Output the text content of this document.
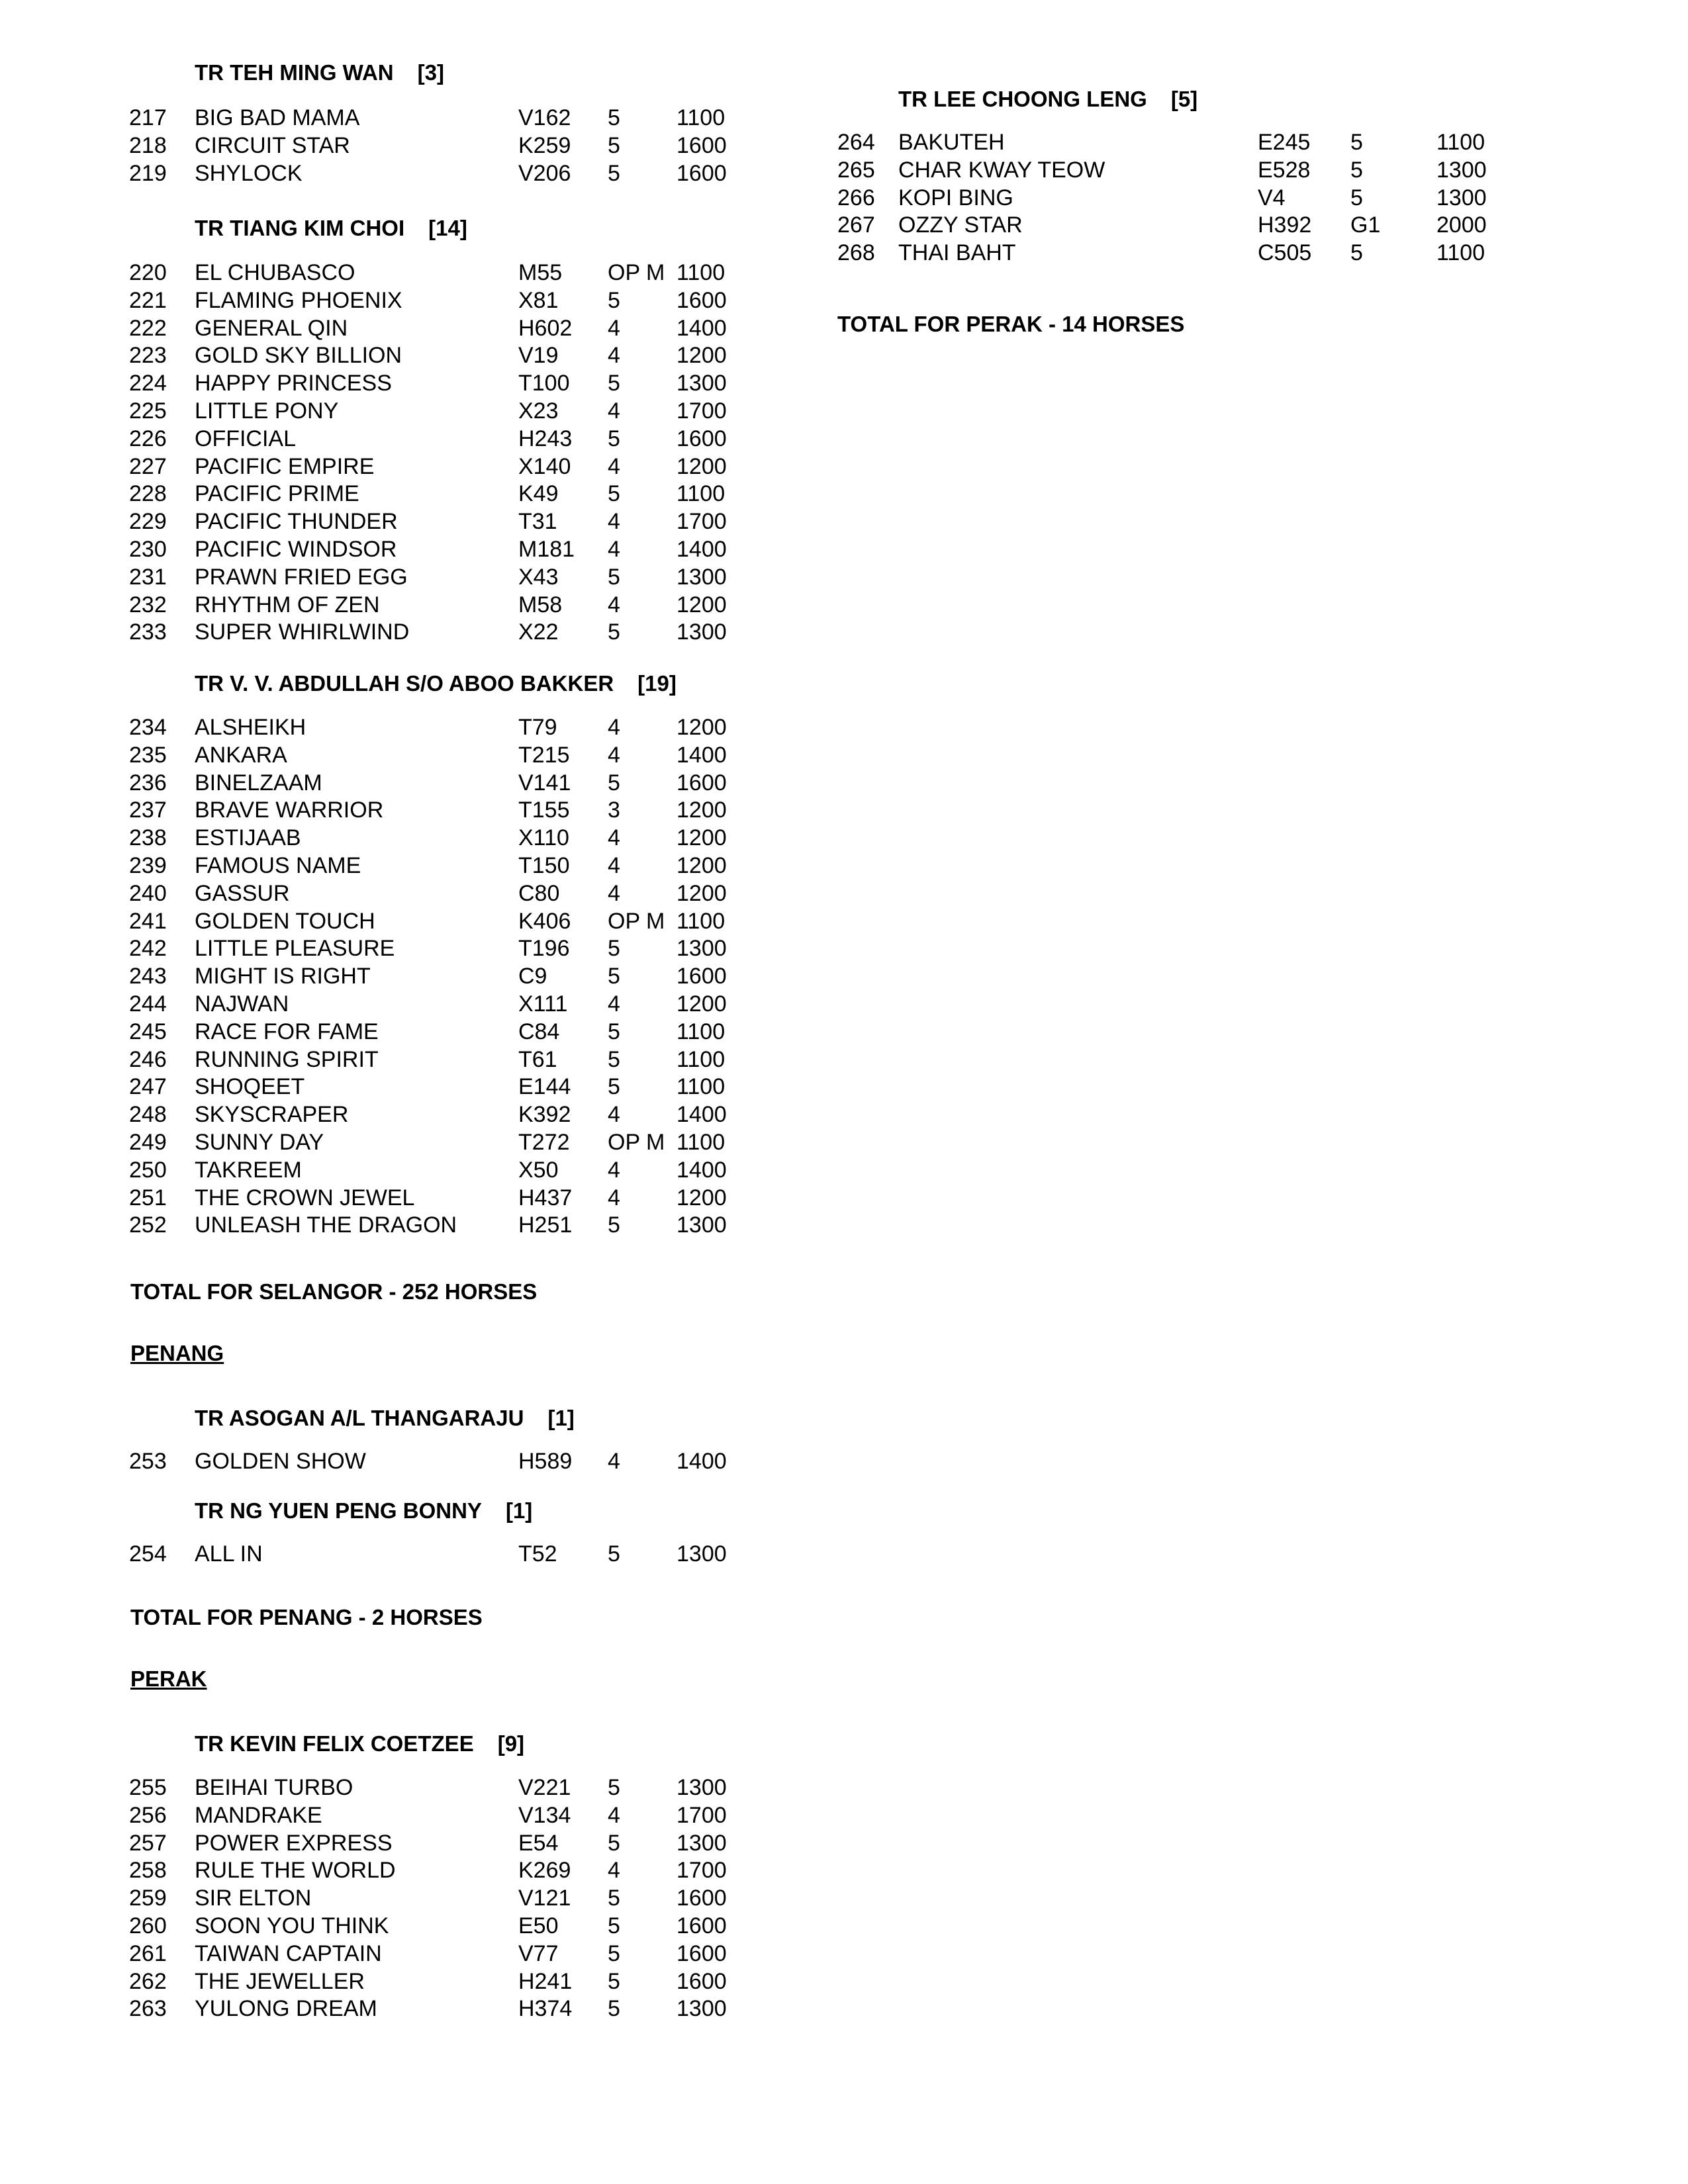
TR TEH MING WAN [3]
217 BIG BAD MAMA	V162 5	1100
218 CIRCUIT STAR	K259 5	1600
219 SHYLOCK	V206 5	1600
TR TIANG KIM CHOI [14]
220 EL CHUBASCO	M55 OP M 1100
221 FLAMING PHOENIX	X81 5	1600
222 GENERAL QIN	H602 4	1400
223 GOLD SKY BILLION	V19 4	1200
224 HAPPY PRINCESS	T100 5	1300
225 LITTLE PONY	X23 4	1700
226 OFFICIAL	H243 5	1600
227 PACIFIC EMPIRE	X140 4	1200
228 PACIFIC PRIME	K49 5	1100
229 PACIFIC THUNDER	T31 4	1700
230 PACIFIC WINDSOR	M181 4	1400
231 PRAWN FRIED EGG	X43 5	1300
232 RHYTHM OF ZEN	M58 4	1200
233 SUPER WHIRLWIND	X22 5	1300
TR V. V. ABDULLAH S/O ABOO BAKKER [19]
234 ALSHEIKH	T79 4	1200
235 ANKARA	T215 4	1400
236 BINELZAAM	V141 5	1600
237 BRAVE WARRIOR	T155 3	1200
238 ESTIJAAB	X110 4	1200
239 FAMOUS NAME	T150 4	1200
240 GASSUR	C80 4	1200
241 GOLDEN TOUCH	K406 OP M 1100
242 LITTLE PLEASURE	T196 5	1300
243 MIGHT IS RIGHT	C9	5	1600
244 NAJWAN	X111 4	1200
245 RACE FOR FAME	C84 5	1100
246 RUNNING SPIRIT	T61 5	1100
247 SHOQEET	E144 5	1100
248 SKYSCRAPER	K392 4	1400
249 SUNNY DAY	T272 OP M 1100
250 TAKREEM	X50 4	1400
251 THE CROWN JEWEL	H437 4	1200
252 UNLEASH THE DRAGON	H251 5	1300
TOTAL FOR SELANGOR - 252 HORSES
PENANG
TR ASOGAN A/L THANGARAJU [1]
253 GOLDEN SHOW	H589 4	1400
TR NG YUEN PENG BONNY [1]
254 ALL IN	T52 5	1300
TOTAL FOR PENANG - 2 HORSES
PERAK
TR KEVIN FELIX COETZEE [9]
255 BEIHAI TURBO	V221 5	1300
256 MANDRAKE	V134 4	1700
257 POWER EXPRESS	E54 5	1300
258 RULE THE WORLD	K269 4	1700
259 SIR ELTON	V121 5	1600
260 SOON YOU THINK	E50 5	1600
261 TAIWAN CAPTAIN	V77 5	1600
262 THE JEWELLER	H241 5	1600
263 YULONG DREAM	H374 5	1300
TR LEE CHOONG LENG [5]
264 BAKUTEH	E245 5	1100
265 CHAR KWAY TEOW	E528 5	1300
266 KOPI BING	V4	5	1300
267 OZZY STAR	H392 G1 2000
268 THAI BAHT	C505 5	1100
TOTAL FOR PERAK - 14 HORSES
